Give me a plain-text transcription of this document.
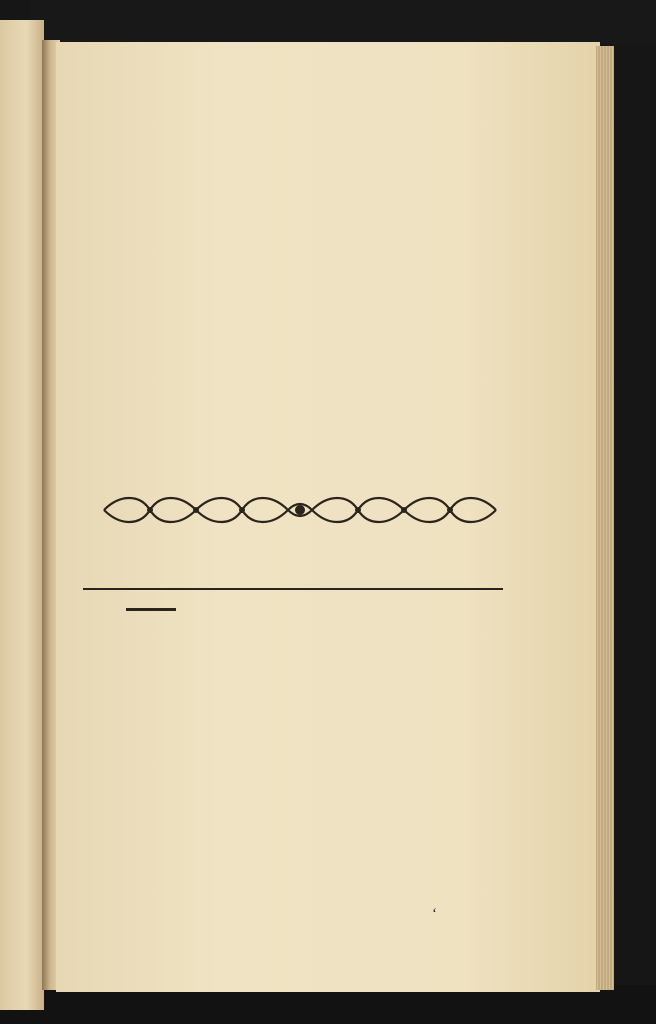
‘
